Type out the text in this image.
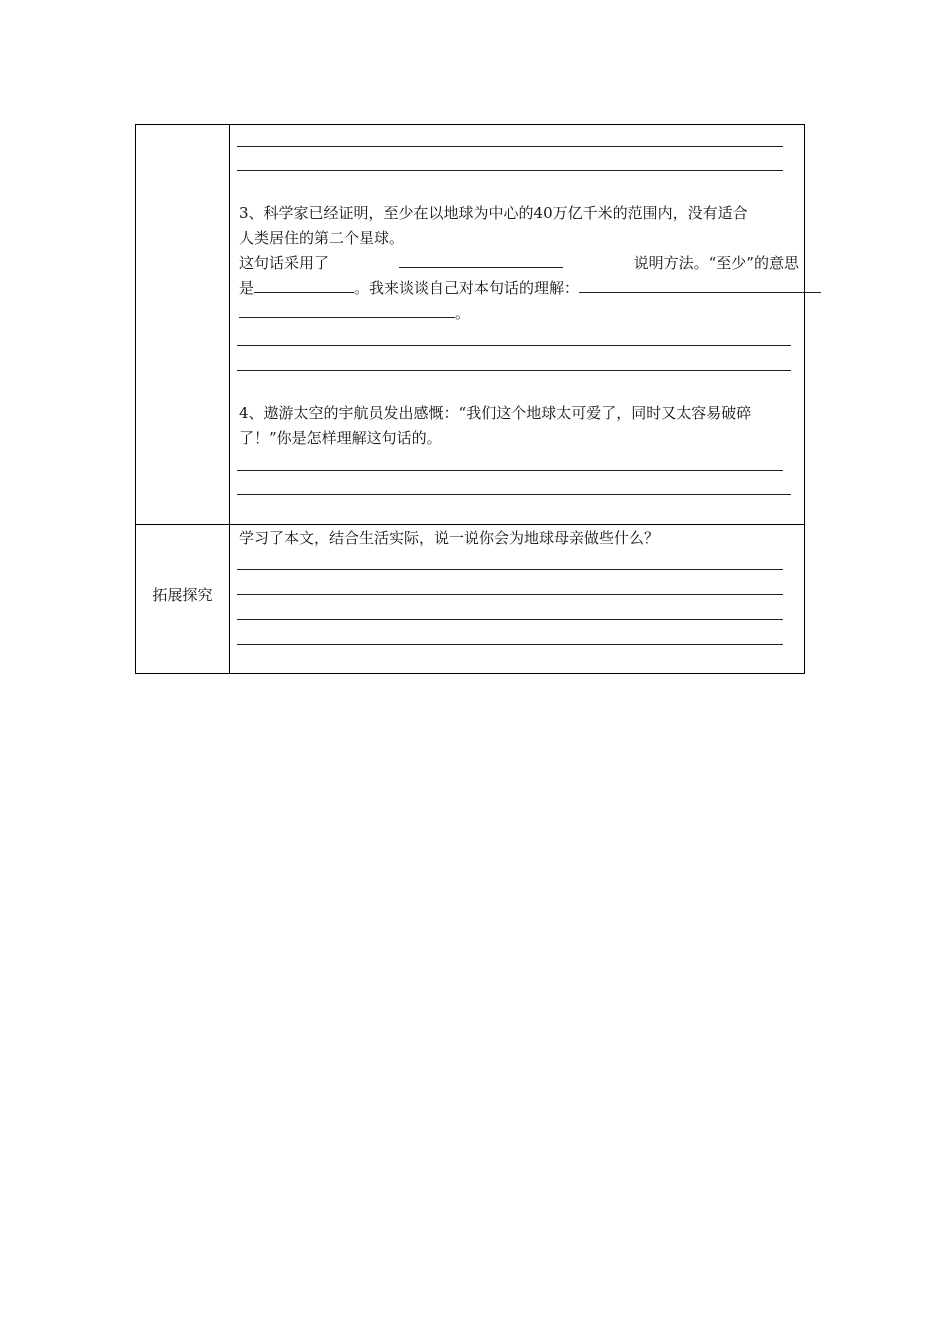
3、科学家已经证明，至少在以地球为中心的40万亿千米的范围内，没有适合
人类居住的第二个星球。
这句话采用了	说明方法。“至少”的意思
是	。我来谈谈自己对本句话的理解：
。
4、遨游太空的宇航员发出感慨：“我们这个地球太可爱了，同时又太容易破碎
了！”你是怎样理解这句话的。
拓展探究
学习了本文，结合生活实际，说一说你会为地球母亲做些什么？
